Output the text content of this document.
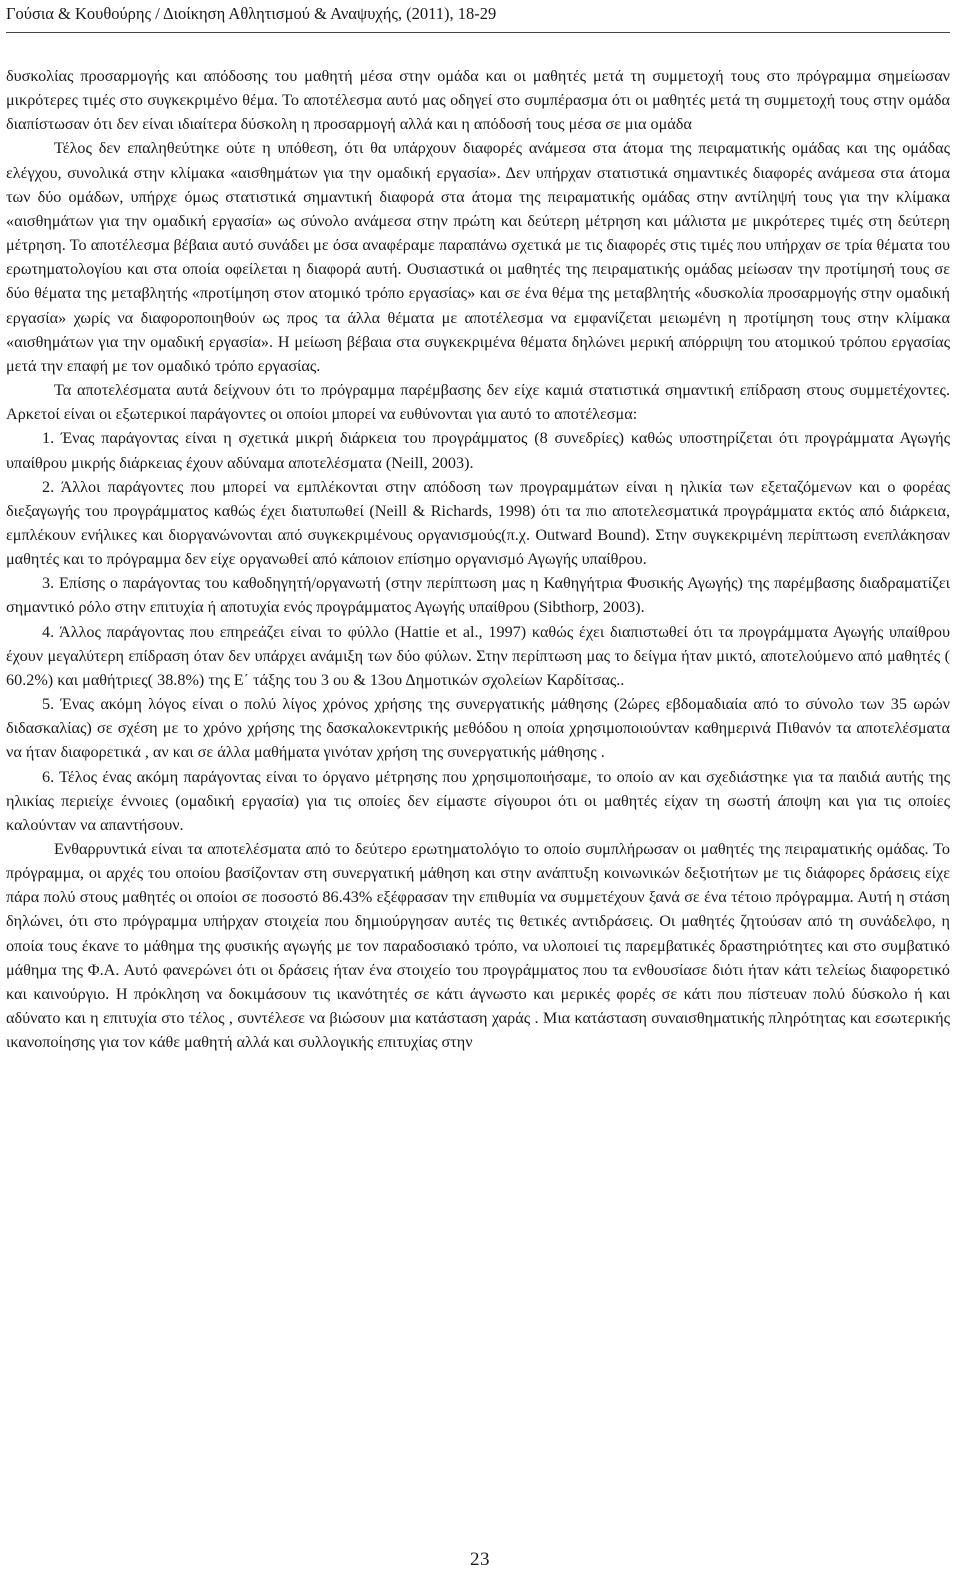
Γούσια & Κουθούρης / Διοίκηση Αθλητισμού & Αναψυχής, (2011), 18-29

δυσκολίας προσαρμογής και απόδοσης του μαθητή μέσα στην ομάδα και οι μαθητές μετά τη συμμετοχή τους στο πρόγραμμα σημείωσαν μικρότερες τιμές στο συγκεκριμένο θέμα. Το αποτέλεσμα αυτό μας οδηγεί στο συμπέρασμα ότι οι μαθητές μετά τη συμμετοχή τους στην ομάδα διαπίστωσαν ότι δεν είναι ιδιαίτερα δύσκολη η προσαρμογή αλλά και η απόδοσή τους μέσα σε μια ομάδα

Τέλος δεν επαληθεύτηκε ούτε η υπόθεση, ότι θα υπάρχουν διαφορές ανάμεσα στα άτομα της πειραματικής ομάδας και της ομάδας ελέγχου, συνολικά στην κλίμακα «αισθημάτων για την ομαδική εργασία». Δεν υπήρχαν στατιστικά σημαντικές διαφορές ανάμεσα στα άτομα των δύο ομάδων, υπήρχε όμως στατιστικά σημαντική διαφορά στα άτομα της πειραματικής ομάδας στην αντίληψή τους για την κλίμακα «αισθημάτων για την ομαδική εργασία» ως σύνολο ανάμεσα στην πρώτη και δεύτερη μέτρηση και μάλιστα με μικρότερες τιμές στη δεύτερη μέτρηση. Το αποτέλεσμα βέβαια αυτό συνάδει με όσα αναφέραμε παραπάνω σχετικά με τις διαφορές στις τιμές που υπήρχαν σε τρία θέματα του ερωτηματολογίου και στα οποία οφείλεται η διαφορά αυτή. Ουσιαστικά οι μαθητές της πειραματικής ομάδας μείωσαν την προτίμησή τους σε δύο θέματα της μεταβλητής «προτίμηση στον ατομικό τρόπο εργασίας» και σε ένα θέμα της μεταβλητής «δυσκολία προσαρμογής στην ομαδική εργασία» χωρίς να διαφοροποιηθούν ως προς τα άλλα θέματα με αποτέλεσμα να εμφανίζεται μειωμένη η προτίμηση τους στην κλίμακα «αισθημάτων για την ομαδική εργασία». Η μείωση βέβαια στα συγκεκριμένα θέματα δηλώνει μερική απόρριψη του ατομικού τρόπου εργασίας μετά την επαφή με τον ομαδικό τρόπο εργασίας.

Τα αποτελέσματα αυτά δείχνουν ότι το πρόγραμμα παρέμβασης δεν είχε καμιά στατιστικά σημαντική επίδραση στους συμμετέχοντες. Αρκετοί είναι οι εξωτερικοί παράγοντες οι οποίοι μπορεί να ευθύνονται για αυτό το αποτέλεσμα:

1. Ένας παράγοντας είναι η σχετικά μικρή διάρκεια του προγράμματος (8 συνεδρίες) καθώς υποστηρίζεται ότι προγράμματα Αγωγής υπαίθρου μικρής διάρκειας έχουν αδύναμα αποτελέσματα (Neill, 2003).

2. Άλλοι παράγοντες που μπορεί να εμπλέκονται στην απόδοση των προγραμμάτων είναι η ηλικία των εξεταζόμενων και ο φορέας διεξαγωγής του προγράμματος καθώς έχει διατυπωθεί (Neill & Richards, 1998) ότι τα πιο αποτελεσματικά προγράμματα εκτός από διάρκεια, εμπλέκουν ενήλικες και διοργανώνονται από συγκεκριμένους οργανισμούς(π.χ. Outward Bound). Στην συγκεκριμένη περίπτωση ενεπλάκησαν μαθητές και το πρόγραμμα δεν είχε οργανωθεί από κάποιον επίσημο οργανισμό Αγωγής υπαίθρου.

3. Επίσης ο παράγοντας του καθοδηγητή/οργανωτή (στην περίπτωση μας η Καθηγήτρια Φυσικής Αγωγής) της παρέμβασης διαδραματίζει σημαντικό ρόλο στην επιτυχία ή αποτυχία ενός προγράμματος Αγωγής υπαίθρου (Sibthorp, 2003).

4. Άλλος παράγοντας που επηρεάζει είναι το φύλλο (Hattie et al., 1997) καθώς έχει διαπιστωθεί ότι τα προγράμματα Αγωγής υπαίθρου έχουν μεγαλύτερη επίδραση όταν δεν υπάρχει ανάμιξη των δύο φύλων. Στην περίπτωση μας το δείγμα ήταν μικτό, αποτελούμενο από μαθητές ( 60.2%) και μαθήτριες( 38.8%) της Ε΄ τάξης του 3 ου & 13ου Δημοτικών σχολείων Καρδίτσας..

5. Ένας ακόμη λόγος είναι ο πολύ λίγος χρόνος χρήσης της συνεργατικής μάθησης (2ώρες εβδομαδιαία από το σύνολο των 35 ωρών διδασκαλίας) σε σχέση με το χρόνο χρήσης της δασκαλοκεντρικής μεθόδου η οποία χρησιμοποιούνταν καθημερινά Πιθανόν τα αποτελέσματα να ήταν διαφορετικά , αν και σε άλλα μαθήματα γινόταν χρήση της συνεργατικής μάθησης .

6. Τέλος ένας ακόμη παράγοντας είναι το όργανο μέτρησης που χρησιμοποιήσαμε, το οποίο αν και σχεδιάστηκε για τα παιδιά αυτής της ηλικίας περιείχε έννοιες (ομαδική εργασία) για τις οποίες δεν είμαστε σίγουροι ότι οι μαθητές είχαν τη σωστή άποψη και για τις οποίες καλούνταν να απαντήσουν.

Ενθαρρυντικά είναι τα αποτελέσματα από το δεύτερο ερωτηματολόγιο το οποίο συμπλήρωσαν οι μαθητές της πειραματικής ομάδας. Το πρόγραμμα, οι αρχές του οποίου βασίζονταν στη συνεργατική μάθηση και στην ανάπτυξη κοινωνικών δεξιοτήτων με τις διάφορες δράσεις είχε πάρα πολύ στους μαθητές οι οποίοι σε ποσοστό 86.43% εξέφρασαν την επιθυμία να συμμετέχουν ξανά σε ένα τέτοιο πρόγραμμα. Αυτή η στάση δηλώνει, ότι στο πρόγραμμα υπήρχαν στοιχεία που δημιούργησαν αυτές τις θετικές αντιδράσεις. Οι μαθητές ζητούσαν από τη συνάδελφο, η οποία τους έκανε το μάθημα της φυσικής αγωγής με τον παραδοσιακό τρόπο, να υλοποιεί τις παρεμβατικές δραστηριότητες και στο συμβατικό μάθημα της Φ.Α. Αυτό φανερώνει ότι οι δράσεις ήταν ένα στοιχείο του προγράμματος που τα ενθουσίασε διότι ήταν κάτι τελείως διαφορετικό και καινούργιο. Η πρόκληση να δοκιμάσουν τις ικανότητές σε κάτι άγνωστο και μερικές φορές σε κάτι που πίστευαν πολύ δύσκολο ή και αδύνατο και η επιτυχία στο τέλος , συντέλεσε να βιώσουν μια κατάσταση χαράς . Μια κατάσταση συναισθηματικής πληρότητας και εσωτερικής ικανοποίησης για τον κάθε μαθητή αλλά και συλλογικής επιτυχίας στην

23
